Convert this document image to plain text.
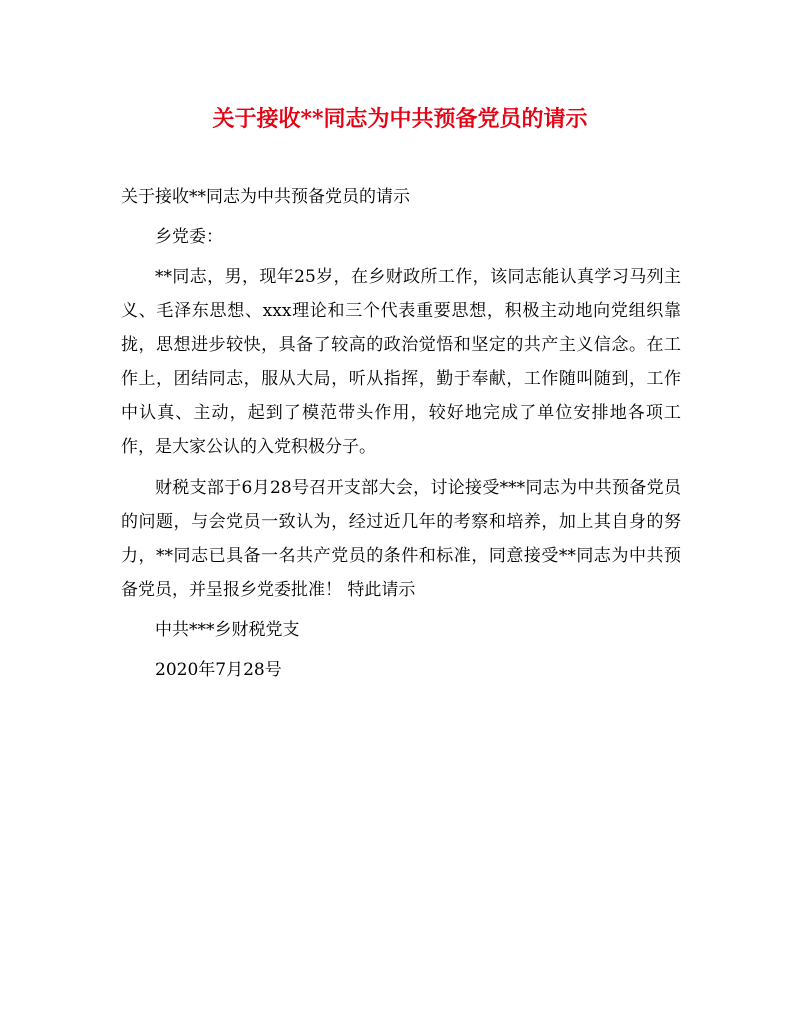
关于接收**同志为中共预备党员的请示

关于接收**同志为中共预备党员的请示

乡党委：

**同志，男，现年25岁，在乡财政所工作，该同志能认真学习马列主义、毛泽东思想、xxx理论和三个代表重要思想，积极主动地向党组织靠拢，思想进步较快，具备了较高的政治觉悟和坚定的共产主义信念。在工作上，团结同志，服从大局，听从指挥，勤于奉献，工作随叫随到，工作中认真、主动，起到了模范带头作用，较好地完成了单位安排地各项工作，是大家公认的入党积极分子。

财税支部于6月28号召开支部大会，讨论接受***同志为中共预备党员的问题，与会党员一致认为，经过近几年的考察和培养，加上其自身的努力，**同志已具备一名共产党员的条件和标准，同意接受**同志为中共预备党员，并呈报乡党委批准！ 特此请示

中共***乡财税党支

2020年7月28号
